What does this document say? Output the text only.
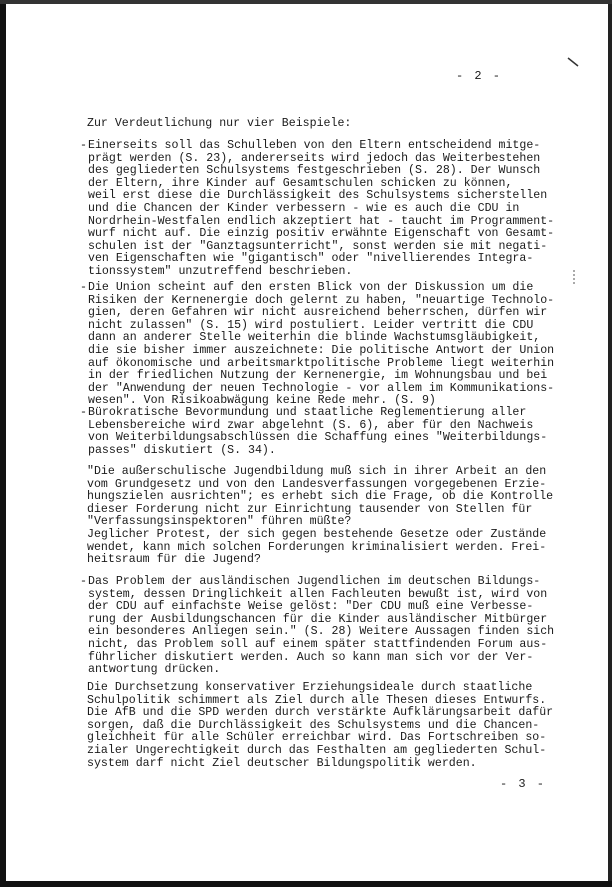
- 2 -
Zur Verdeutlichung nur vier Beispiele:
- Einerseits soll das Schulleben von den Eltern entscheidend mitge-
prägt werden (S. 23), andererseits wird jedoch das Weiterbestehen
des gegliederten Schulsystems festgeschrieben (S. 28). Der Wunsch
der Eltern, ihre Kinder auf Gesamtschulen schicken zu können,
weil erst diese die Durchlässigkeit des Schulsystems sicherstellen
und die Chancen der Kinder verbessern - wie es auch die CDU in
Nordrhein-Westfalen endlich akzeptiert hat - taucht im Programment-
wurf nicht auf. Die einzig positiv erwähnte Eigenschaft von Gesamt-
schulen ist der "Ganztagsunterricht", sonst werden sie mit negati-
ven Eigenschaften wie "gigantisch" oder "nivellierendes Integra-
tionssystem" unzutreffend beschrieben.
- Die Union scheint auf den ersten Blick von der Diskussion um die
Risiken der Kernenergie doch gelernt zu haben, "neuartige Technolo-
gien, deren Gefahren wir nicht ausreichend beherrschen, dürfen wir
nicht zulassen" (S. 15) wird postuliert. Leider vertritt die CDU
dann an anderer Stelle weiterhin die blinde Wachstumsgläubigkeit,
die sie bisher immer auszeichnete: Die politische Antwort der Union
auf ökonomische und arbeitsmarktpolitische Probleme liegt weiterhin
in der friedlichen Nutzung der Kernenergie, im Wohnungsbau und bei
der "Anwendung der neuen Technologie - vor allem im Kommunikations-
wesen". Von Risikoabwägung keine Rede mehr. (S. 9)
- Bürokratische Bevormundung und staatliche Reglementierung aller
Lebensbereiche wird zwar abgelehnt (S. 6), aber für den Nachweis
von Weiterbildungsabschlüssen die Schaffung eines "Weiterbildungs-
passes" diskutiert (S. 34).
"Die außerschulische Jugendbildung muß sich in ihrer Arbeit an den
vom Grundgesetz und von den Landesverfassungen vorgegebenen Erzie-
hungszielen ausrichten"; es erhebt sich die Frage, ob die Kontrolle
dieser Forderung nicht zur Einrichtung tausender von Stellen für
"Verfassungsinspektoren" führen müßte?
Jeglicher Protest, der sich gegen bestehende Gesetze oder Zustände
wendet, kann mich solchen Forderungen kriminalisiert werden. Frei-
heitsraum für die Jugend?
- Das Problem der ausländischen Jugendlichen im deutschen Bildungs-
system, dessen Dringlichkeit allen Fachleuten bewußt ist, wird von
der CDU auf einfachste Weise gelöst: "Der CDU muß eine Verbesse-
rung der Ausbildungschancen für die Kinder ausländischer Mitbürger
ein besonderes Anliegen sein." (S. 28) Weitere Aussagen finden sich
nicht, das Problem soll auf einem später stattfindenden Forum aus-
führlicher diskutiert werden. Auch so kann man sich vor der Ver-
antwortung drücken.
Die Durchsetzung konservativer Erziehungsideale durch staatliche
Schulpolitik schimmert als Ziel durch alle Thesen dieses Entwurfs.
Die AfB und die SPD werden durch verstärkte Aufklärungsarbeit dafür
sorgen, daß die Durchlässigkeit des Schulsystems und die Chancen-
gleichheit für alle Schüler erreichbar wird. Das Fortschreiben so-
zialer Ungerechtigkeit durch das Festhalten am gegliederten Schul-
system darf nicht Ziel deutscher Bildungspolitik werden.
- 3 -
